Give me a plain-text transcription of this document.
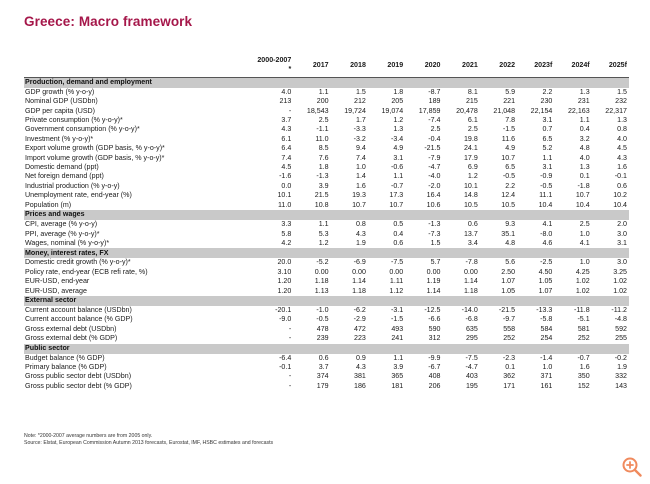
Greece: Macro framework
	2000-2007 *	2017	2018	2019	2020	2021	2022	2023f	2024f	2025f
Production, demand and employment										
GDP growth (% y-o-y)	4.0	1.1	1.5	1.8	-8.7	8.1	5.9	2.2	1.3	1.5
Nominal GDP (USDbn)	213	200	212	205	189	215	221	230	231	232
GDP per capita (USD)	-	18,543	19,724	19,074	17,859	20,478	21,048	22,154	22,163	22,317
Private consumption (% y-o-y)*	3.7	2.5	1.7	1.2	-7.4	6.1	7.8	3.1	1.1	1.3
Government consumption (% y-o-y)*	4.3	-1.1	-3.3	1.3	2.5	2.5	-1.5	0.7	0.4	0.8
Investment (% y-o-y)*	6.1	11.0	-3.2	-3.4	-0.4	19.8	11.6	6.5	3.2	4.0
Export volume growth (GDP basis, % y-o-y)*	6.4	8.5	9.4	4.9	-21.5	24.1	4.9	5.2	4.8	4.5
Import volume growth (GDP basis, % y-o-y)*	7.4	7.6	7.4	3.1	-7.9	17.9	10.7	1.1	4.0	4.3
Domestic demand (ppt)	4.5	1.8	1.0	-0.6	-4.7	6.9	6.5	3.1	1.3	1.6
Net foreign demand (ppt)	-1.6	-1.3	1.4	1.1	-4.0	1.2	-0.5	-0.9	0.1	-0.1
Industrial production (% y-o-y)	0.0	3.9	1.6	-0.7	-2.0	10.1	2.2	-0.5	-1.8	0.6
Unemployment rate, end-year (%)	10.1	21.5	19.3	17.3	16.4	14.8	12.4	11.1	10.7	10.2
Population (m)	11.0	10.8	10.7	10.7	10.6	10.5	10.5	10.4	10.4	10.4
Prices and wages										
CPI, average (% y-o-y)	3.3	1.1	0.8	0.5	-1.3	0.6	9.3	4.1	2.5	2.0
PPI, average (% y-o-y)*	5.8	5.3	4.3	0.4	-7.3	13.7	35.1	-8.0	1.0	3.0
Wages, nominal (% y-o-y)*	4.2	1.2	1.9	0.6	1.5	3.4	4.8	4.6	4.1	3.1
Money, interest rates, FX										
Domestic credit growth (% y-o-y)*	20.0	-5.2	-6.9	-7.5	5.7	-7.8	5.6	-2.5	1.0	3.0
Policy rate, end-year (ECB refi rate, %)	3.10	0.00	0.00	0.00	0.00	0.00	2.50	4.50	4.25	3.25
EUR-USD, end-year	1.20	1.18	1.14	1.11	1.19	1.14	1.07	1.05	1.02	1.02
EUR-USD, average	1.20	1.13	1.18	1.12	1.14	1.18	1.05	1.07	1.02	1.02
External sector										
Current account balance (USDbn)	-20.1	-1.0	-6.2	-3.1	-12.5	-14.0	-21.5	-13.3	-11.8	-11.2
Current account balance (% GDP)	-9.0	-0.5	-2.9	-1.5	-6.6	-6.8	-9.7	-5.8	-5.1	-4.8
Gross external debt (USDbn)	-	478	472	493	590	635	558	584	581	592
Gross external debt (% GDP)	-	239	223	241	312	295	252	254	252	255
Public sector										
Budget balance (% GDP)	-6.4	0.6	0.9	1.1	-9.9	-7.5	-2.3	-1.4	-0.7	-0.2
Primary balance (% GDP)	-0.1	3.7	4.3	3.9	-6.7	-4.7	0.1	1.0	1.6	1.9
Gross public sector debt (USDbn)	-	374	381	365	408	403	362	371	350	332
Gross public sector debt (% GDP)	-	179	186	181	206	195	171	161	152	143
Note: *2000-2007 average numbers are from 2005 only.
Source: Elstat, European Commission Autumn 2013 forecasts, Eurostat, IMF, HSBC estimates and forecasts
